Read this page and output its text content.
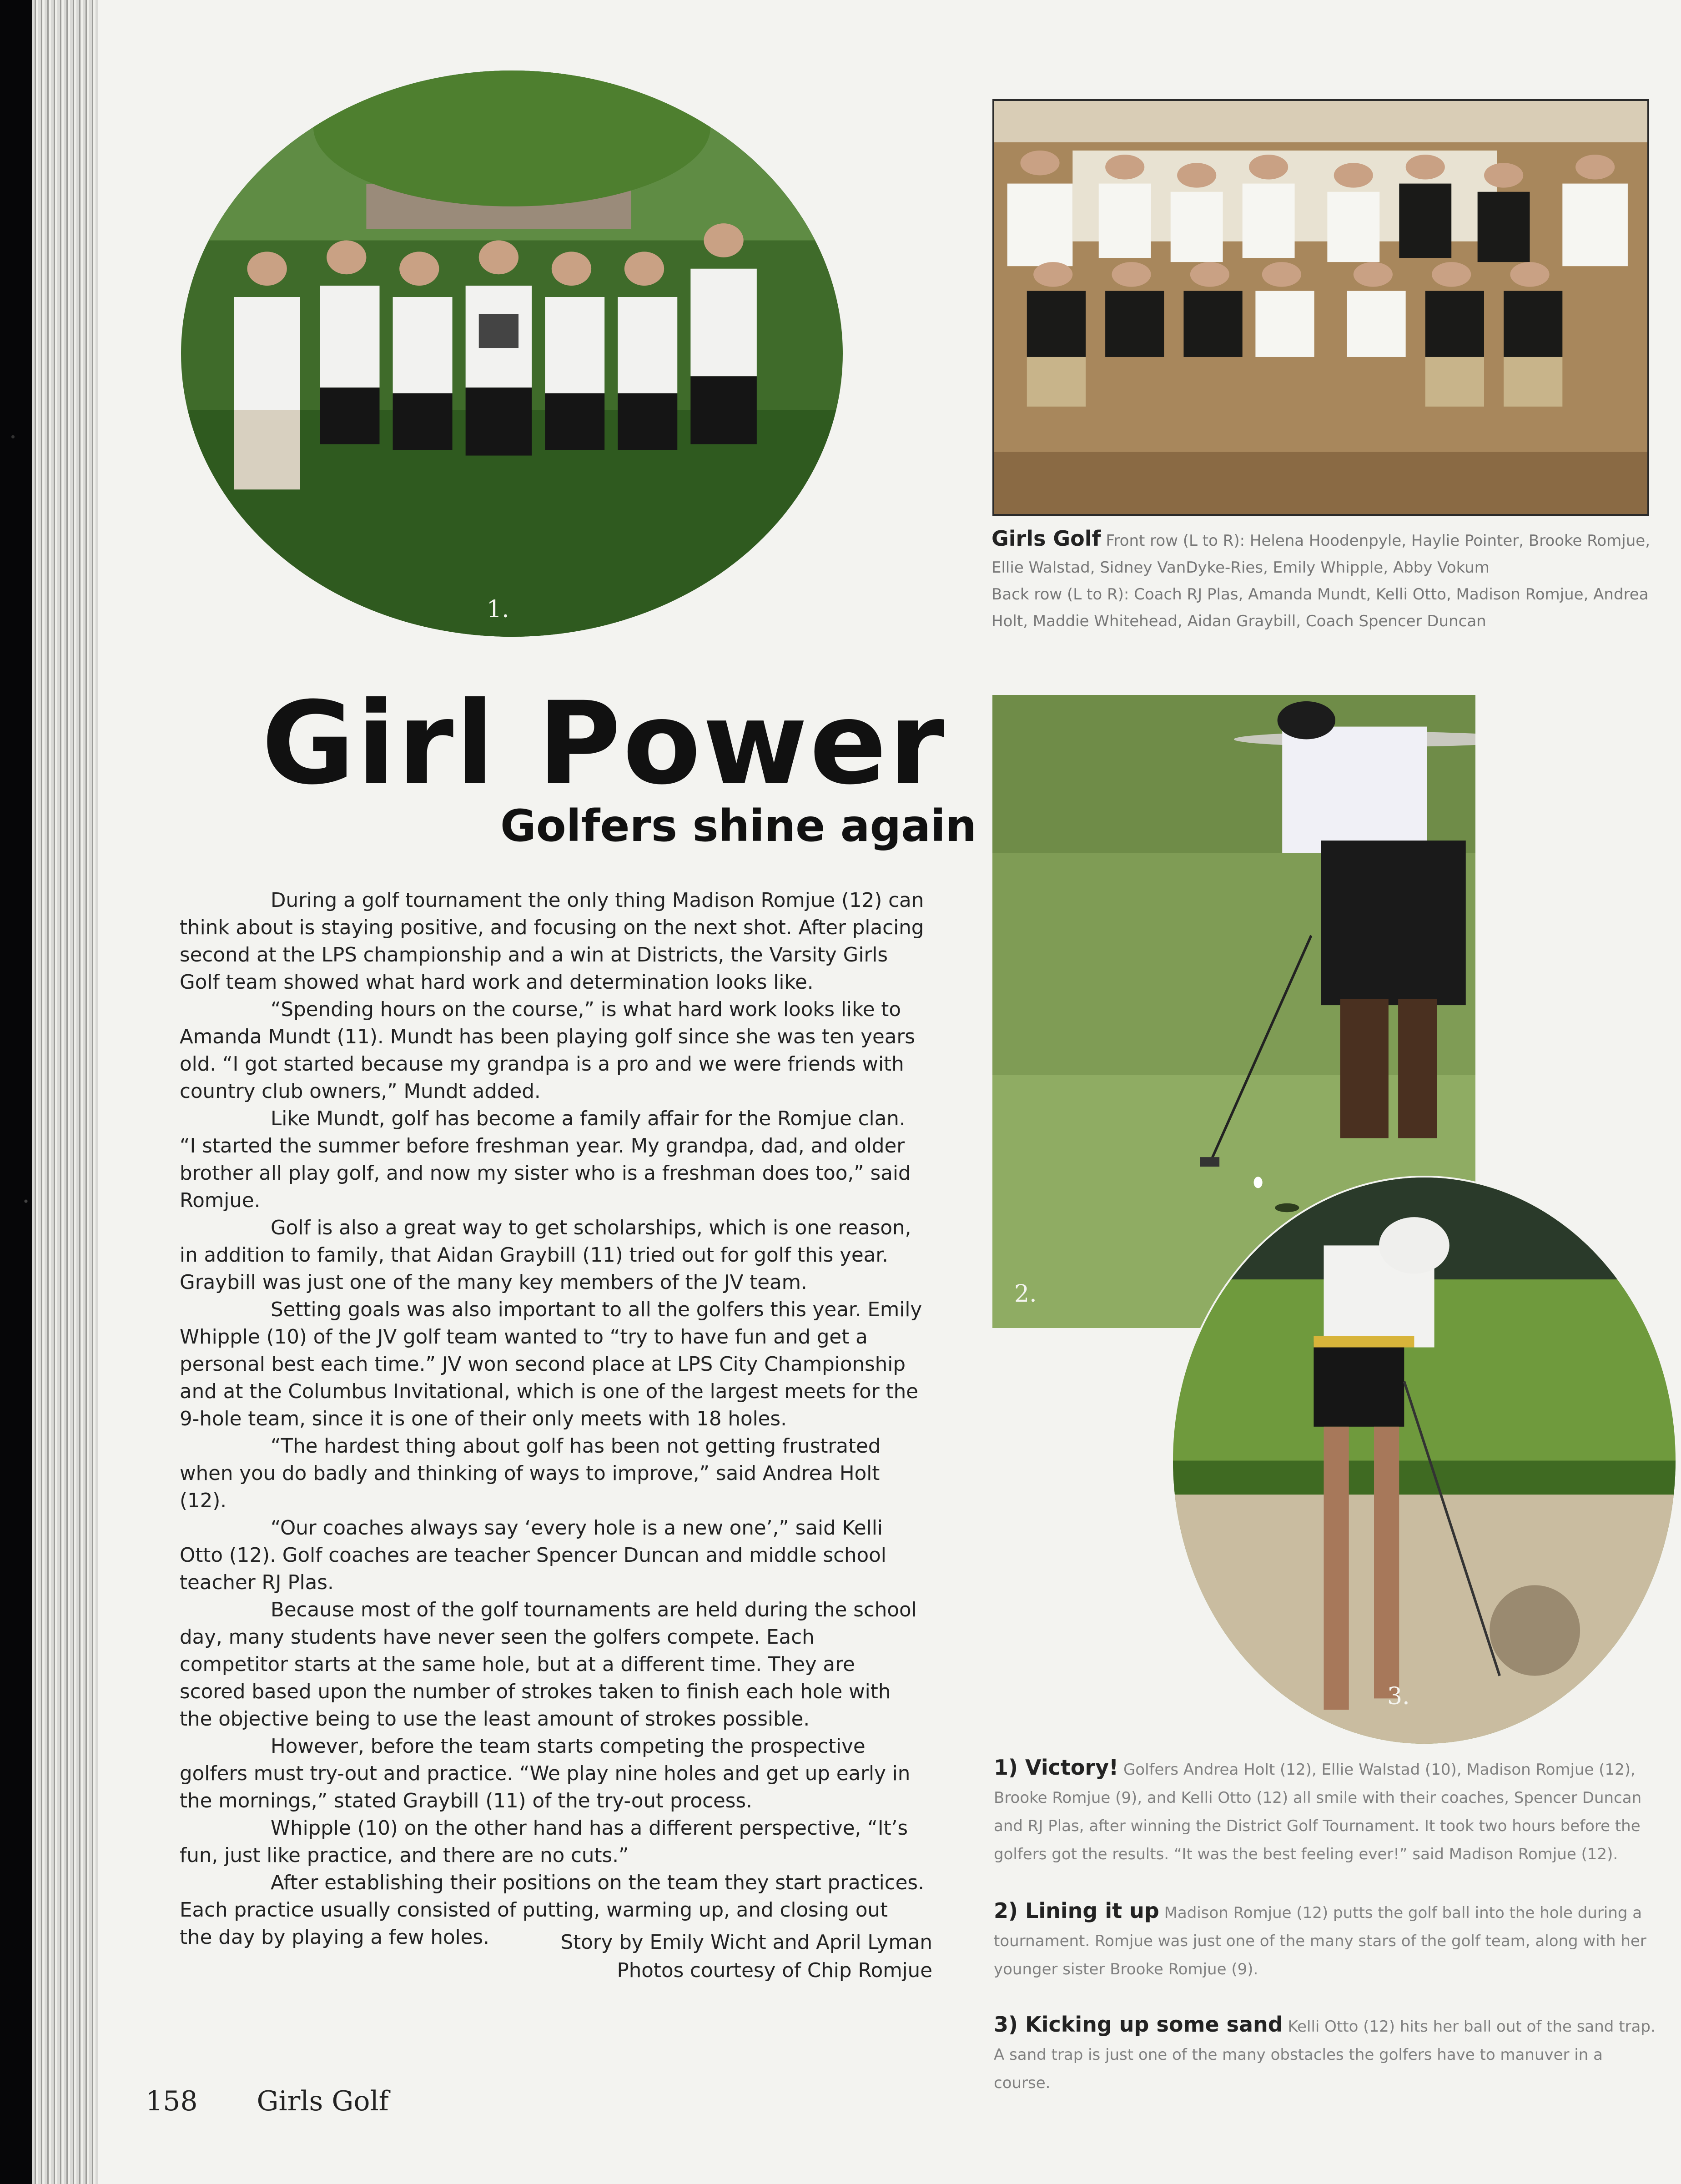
1.
Girls Golf Front row (L to R): Helena Hoodenpyle, Haylie Pointer, Brooke Romjue, Ellie Walstad, Sidney VanDyke-Ries, Emily Whipple, Abby Vokum
Back row (L to R): Coach RJ Plas, Amanda Mundt, Kelli Otto, Madison Romjue, Andrea Holt, Maddie Whitehead, Aidan Graybill, Coach Spencer Duncan
2.
3.
Girl Power
Golfers shine again

During a golf tournament the only thing Madison Romjue (12) can think about is staying positive, and focusing on the next shot. After placing second at the LPS championship and a win at Districts, the Varsity Girls Golf team showed what hard work and determination looks like.

“Spending hours on the course,” is what hard work looks like to Amanda Mundt (11). Mundt has been playing golf since she was ten years old. “I got started because my grandpa is a pro and we were friends with country club owners,” Mundt added.

Like Mundt, golf has become a family affair for the Romjue clan. “I started the summer before freshman year. My grandpa, dad, and older brother all play golf, and now my sister who is a freshman does too,” said Romjue.

Golf is also a great way to get scholarships, which is one reason, in addition to family, that Aidan Graybill (11) tried out for golf this year. Graybill was just one of the many key members of the JV team.

Setting goals was also important to all the golfers this year. Emily Whipple (10) of the JV golf team wanted to “try to have fun and get a personal best each time.” JV won second place at LPS City Championship and at the Columbus Invitational, which is one of the largest meets for the 9-hole team, since it is one of their only meets with 18 holes.

“The hardest thing about golf has been not getting frustrated when you do badly and thinking of ways to improve,” said Andrea Holt (12).

“Our coaches always say ‘every hole is a new one’,” said Kelli Otto (12). Golf coaches are teacher Spencer Duncan and middle school teacher RJ Plas.

Because most of the golf tournaments are held during the school day, many students have never seen the golfers compete. Each competitor starts at the same hole, but at a different time. They are scored based upon the number of strokes taken to finish each hole with the objective being to use the least amount of strokes possible.

However, before the team starts competing the prospective golfers must try-out and practice. “We play nine holes and get up early in the mornings,” stated Graybill (11) of the try-out process.

Whipple (10) on the other hand has a different perspective, “It’s fun, just like practice, and there are no cuts.”

After establishing their positions on the team they start practices. Each practice usually consisted of putting, warming up, and closing out the day by playing a few holes.	Story by Emily Wicht and April Lyman
Photos courtesy of Chip Romjue
1) Victory! Golfers Andrea Holt (12), Ellie Walstad (10), Madison Romjue (12), Brooke Romjue (9), and Kelli Otto (12) all smile with their coaches, Spencer Duncan and RJ Plas, after winning the District Golf Tournament. It took two hours before the golfers got the results. “It was the best feeling ever!” said Madison Romjue (12).
2) Lining it up Madison Romjue (12) putts the golf ball into the hole during a tournament. Romjue was just one of the many stars of the golf team, along with her younger sister Brooke Romjue (9).
3) Kicking up some sand Kelli Otto (12) hits her ball out of the sand trap. A sand trap is just one of the many obstacles the golfers have to manuver in a course.
158 Girls Golf
